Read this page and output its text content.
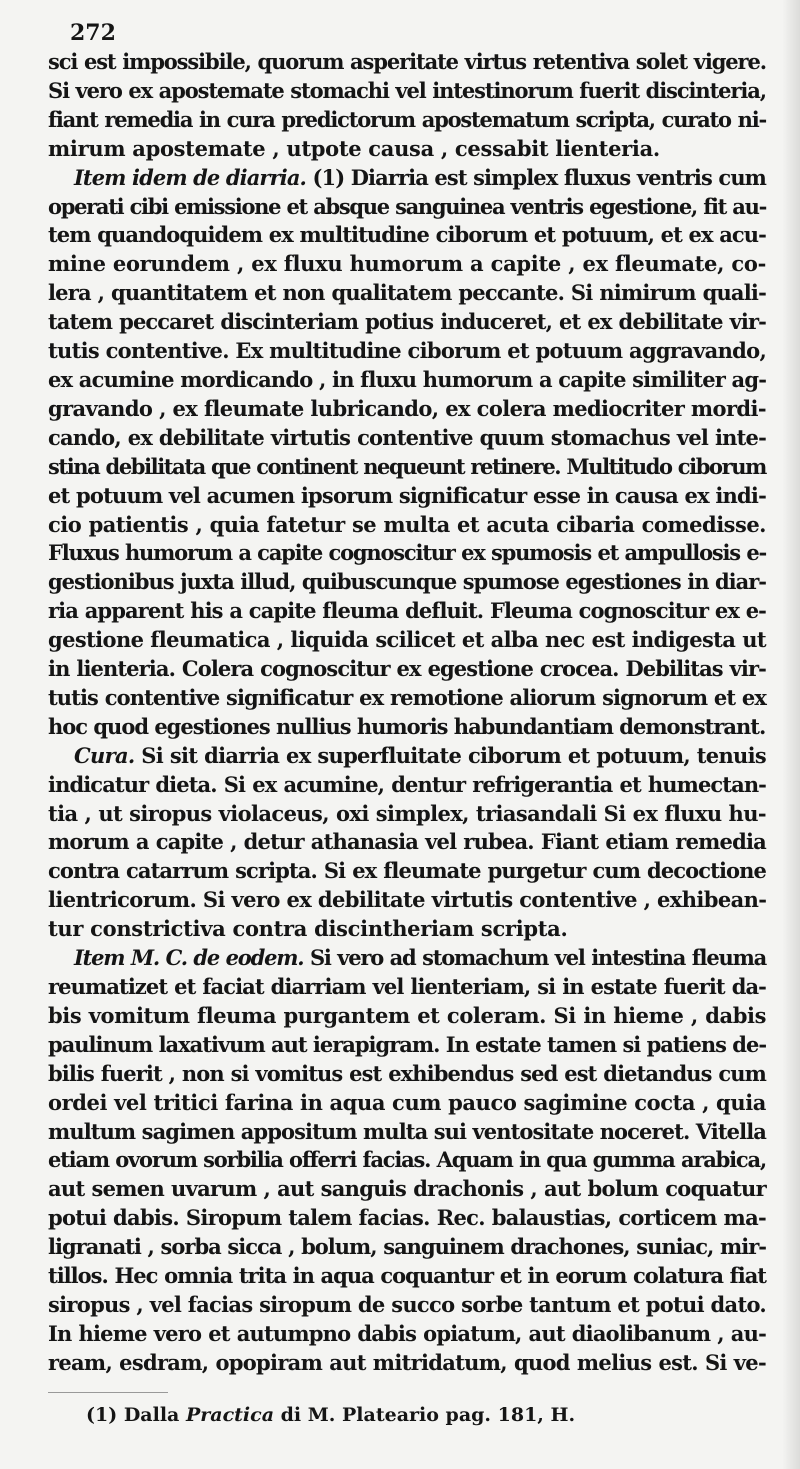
272
sci est impossibile, quorum asperitate virtus retentiva solet vigere.
Si vero ex apostemate stomachi vel intestinorum fuerit discinteria,
fiant remedia in cura predictorum apostematum scripta, curato ni-
mirum apostemate , utpote causa , cessabit lienteria.
Item idem de diarria. (1) Diarria est simplex fluxus ventris cum
operati cibi emissione et absque sanguinea ventris egestione, fit au-
tem quandoquidem ex multitudine ciborum et potuum, et ex acu-
mine eorundem , ex fluxu humorum a capite , ex fleumate, co-
lera , quantitatem et non qualitatem peccante. Si nimirum quali-
tatem peccaret discinteriam potius induceret, et ex debilitate vir-
tutis contentive. Ex multitudine ciborum et potuum aggravando,
ex acumine mordicando , in fluxu humorum a capite similiter ag-
gravando , ex fleumate lubricando, ex colera mediocriter mordi-
cando, ex debilitate virtutis contentive quum stomachus vel inte-
stina debilitata que continent nequeunt retinere. Multitudo ciborum
et potuum vel acumen ipsorum significatur esse in causa ex indi-
cio patientis , quia fatetur se multa et acuta cibaria comedisse.
Fluxus humorum a capite cognoscitur ex spumosis et ampullosis e-
gestionibus juxta illud, quibuscunque spumose egestiones in diar-
ria apparent his a capite fleuma defluit. Fleuma cognoscitur ex e-
gestione fleumatica , liquida scilicet et alba nec est indigesta ut
in lienteria. Colera cognoscitur ex egestione crocea. Debilitas vir-
tutis contentive significatur ex remotione aliorum signorum et ex
hoc quod egestiones nullius humoris habundantiam demonstrant.
Cura. Si sit diarria ex superfluitate ciborum et potuum, tenuis
indicatur dieta. Si ex acumine, dentur refrigerantia et humectan-
tia , ut siropus violaceus, oxi simplex, triasandali Si ex fluxu hu-
morum a capite , detur athanasia vel rubea. Fiant etiam remedia
contra catarrum scripta. Si ex fleumate purgetur cum decoctione
lientricorum. Si vero ex debilitate virtutis contentive , exhibean-
tur constrictiva contra discintheriam scripta.
Item M. C. de eodem. Si vero ad stomachum vel intestina fleuma
reumatizet et faciat diarriam vel lienteriam, si in estate fuerit da-
bis vomitum fleuma purgantem et coleram. Si in hieme , dabis
paulinum laxativum aut ierapigram. In estate tamen si patiens de-
bilis fuerit , non si vomitus est exhibendus sed est dietandus cum
ordei vel tritici farina in aqua cum pauco sagimine cocta , quia
multum sagimen appositum multa sui ventositate noceret. Vitella
etiam ovorum sorbilia offerri facias. Aquam in qua gumma arabica,
aut semen uvarum , aut sanguis drachonis , aut bolum coquatur
potui dabis. Siropum talem facias. Rec. balaustias, corticem ma-
ligranati , sorba sicca , bolum, sanguinem drachones, suniac, mir-
tillos. Hec omnia trita in aqua coquantur et in eorum colatura fiat
siropus , vel facias siropum de succo sorbe tantum et potui dato.
In hieme vero et autumpno dabis opiatum, aut diaolibanum , au-
ream, esdram, opopiram aut mitridatum, quod melius est. Si ve-
(1) Dalla Practica di M. Plateario pag. 181, H.
